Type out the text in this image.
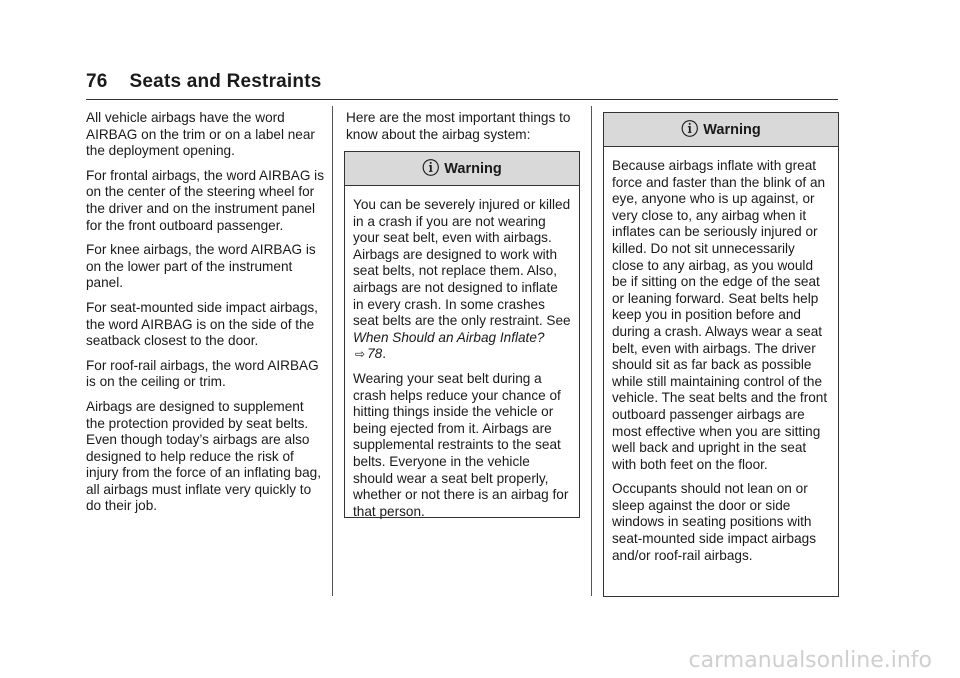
76 Seats and Restraints

All vehicle airbags have the word AIRBAG on the trim or on a label near the deployment opening.

For frontal airbags, the word AIRBAG is on the center of the steering wheel for the driver and on the instrument panel for the front outboard passenger.

For knee airbags, the word AIRBAG is on the lower part of the instrument panel.

For seat-mounted side impact airbags, the word AIRBAG is on the side of the seatback closest to the door.

For roof-rail airbags, the word AIRBAG is on the ceiling or trim.

Airbags are designed to supplement the protection provided by seat belts. Even though today’s airbags are also designed to help reduce the risk of injury from the force of an inflating bag, all airbags must inflate very quickly to do their job.

Here are the most important things to know about the airbag system:

ⓘ Warning

You can be severely injured or killed in a crash if you are not wearing your seat belt, even with airbags. Airbags are designed to work with seat belts, not replace them. Also, airbags are not designed to inflate in every crash. In some crashes seat belts are the only restraint. See When Should an Airbag Inflate?⇨ 78.

Wearing your seat belt during a crash helps reduce your chance of hitting things inside the vehicle or being ejected from it. Airbags are supplemental restraints to the seat belts. Everyone in the vehicle should wear a seat belt properly, whether or not there is an airbag for that person.

ⓘ Warning

Because airbags inflate with great force and faster than the blink of an eye, anyone who is up against, or very close to, any airbag when it inflates can be seriously injured or killed. Do not sit unnecessarily close to any airbag, as you would be if sitting on the edge of the seat or leaning forward. Seat belts help keep you in position before and during a crash. Always wear a seat belt, even with airbags. The driver should sit as far back as possible while still maintaining control of the vehicle. The seat belts and the front outboard passenger airbags are most effective when you are sitting well back and upright in the seat with both feet on the floor.

Occupants should not lean on or sleep against the door or side windows in seating positions with seat-mounted side impact airbags and/or roof-rail airbags.

carmanualsonline.info
